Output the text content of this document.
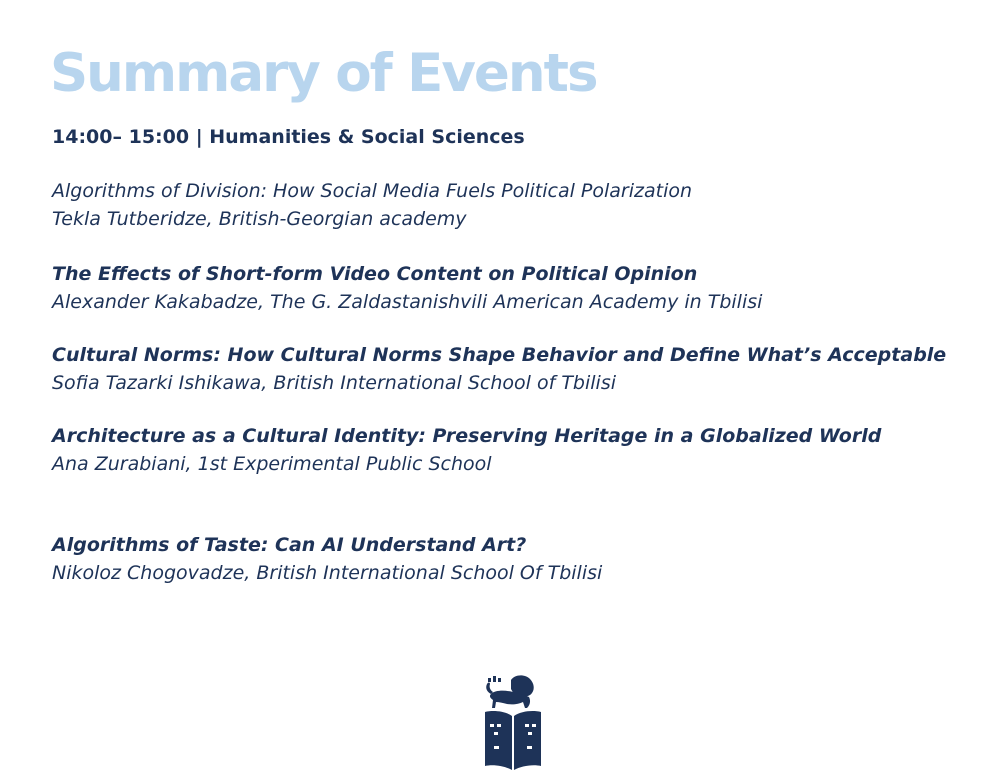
Summary of Events
14:00– 15:00 | Humanities & Social Sciences
Algorithms of Division: How Social Media Fuels Political Polarization
Tekla Tutberidze, British-Georgian academy
The Effects of Short-form Video Content on Political Opinion
Alexander Kakabadze, The G. Zaldastanishvili American Academy in Tbilisi
Cultural Norms: How Cultural Norms Shape Behavior and Define What’s Acceptable
Sofia Tazarki Ishikawa, British International School of Tbilisi
Architecture as a Cultural Identity: Preserving Heritage in a Globalized World
Ana Zurabiani, 1st Experimental Public School
Algorithms of Taste: Can AI Understand Art?
Nikoloz Chogovadze, British International School Of Tbilisi
